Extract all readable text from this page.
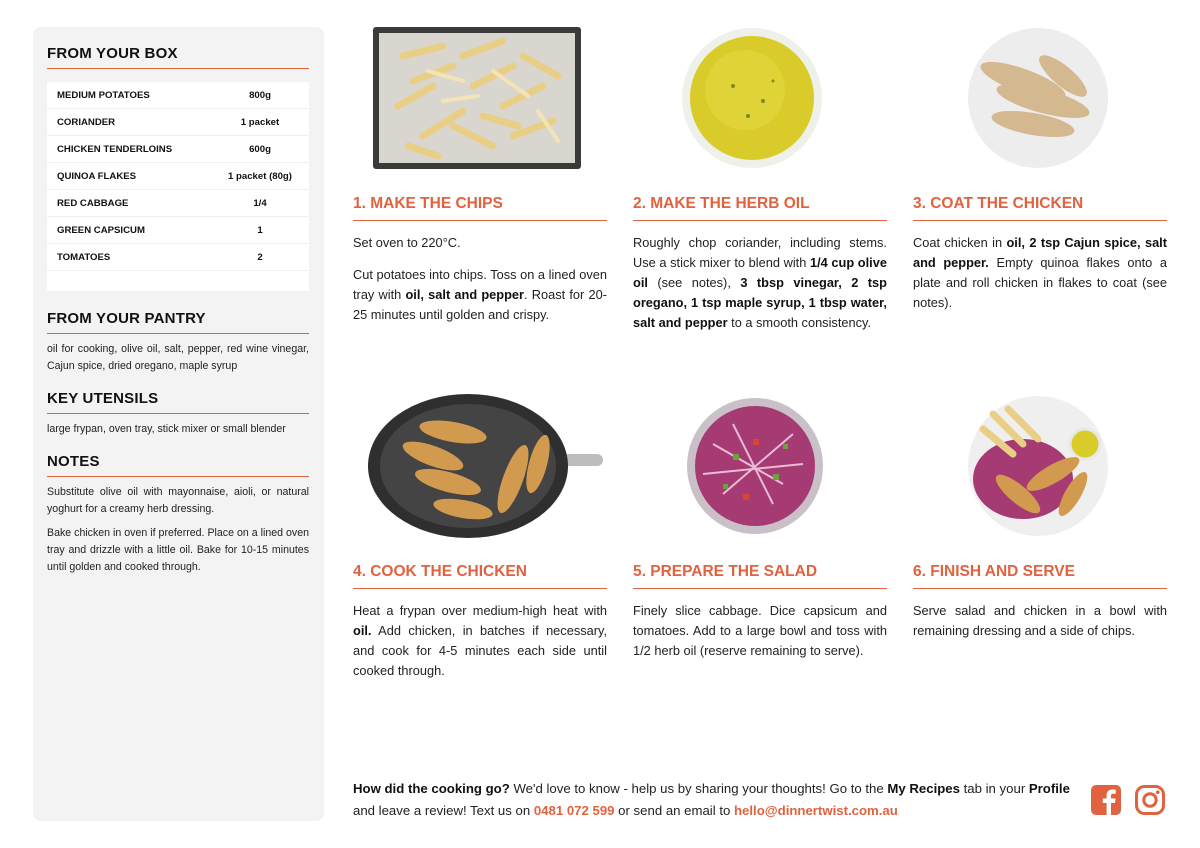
FROM YOUR BOX
MEDIUM POTATOES	800g
CORIANDER	1 packet
CHICKEN TENDERLOINS	600g
QUINOA FLAKES	1 packet (80g)
RED CABBAGE	1/4
GREEN CAPSICUM	1
TOMATOES	2
FROM YOUR PANTRY

oil for cooking, olive oil, salt, pepper, red wine vinegar, Cajun spice, dried oregano, maple syrup

KEY UTENSILS

large frypan, oven tray, stick mixer or small blender

NOTES

Substitute olive oil with mayonnaise, aioli, or natural yoghurt for a creamy herb dressing.

Bake chicken in oven if preferred. Place on a lined oven tray and drizzle with a little oil. Bake for 10-15 minutes until golden and cooked through.

1. MAKE THE CHIPS

Set oven to 220°C.

Cut potatoes into chips. Toss on a lined oven tray with oil, salt and pepper. Roast for 20-25 minutes until golden and crispy.

2. MAKE THE HERB OIL

Roughly chop coriander, including stems. Use a stick mixer to blend with 1/4 cup olive oil (see notes), 3 tbsp vinegar, 2 tsp oregano, 1 tsp maple syrup, 1 tbsp water, salt and pepper to a smooth consistency.

3. COAT THE CHICKEN

Coat chicken in oil, 2 tsp Cajun spice, salt and pepper. Empty quinoa flakes onto a plate and roll chicken in flakes to coat (see notes).

4. COOK THE CHICKEN

Heat a frypan over medium-high heat with oil. Add chicken, in batches if necessary, and cook for 4-5 minutes each side until cooked through.

5. PREPARE THE SALAD

Finely slice cabbage. Dice capsicum and tomatoes. Add to a large bowl and toss with 1/2 herb oil (reserve remaining to serve).

6. FINISH AND SERVE

Serve salad and chicken in a bowl with remaining dressing and a side of chips.

How did the cooking go? We'd love to know - help us by sharing your thoughts! Go to the My Recipes tab in your Profile and leave a review! Text us on 0481 072 599 or send an email to hello@dinnertwist.com.au
